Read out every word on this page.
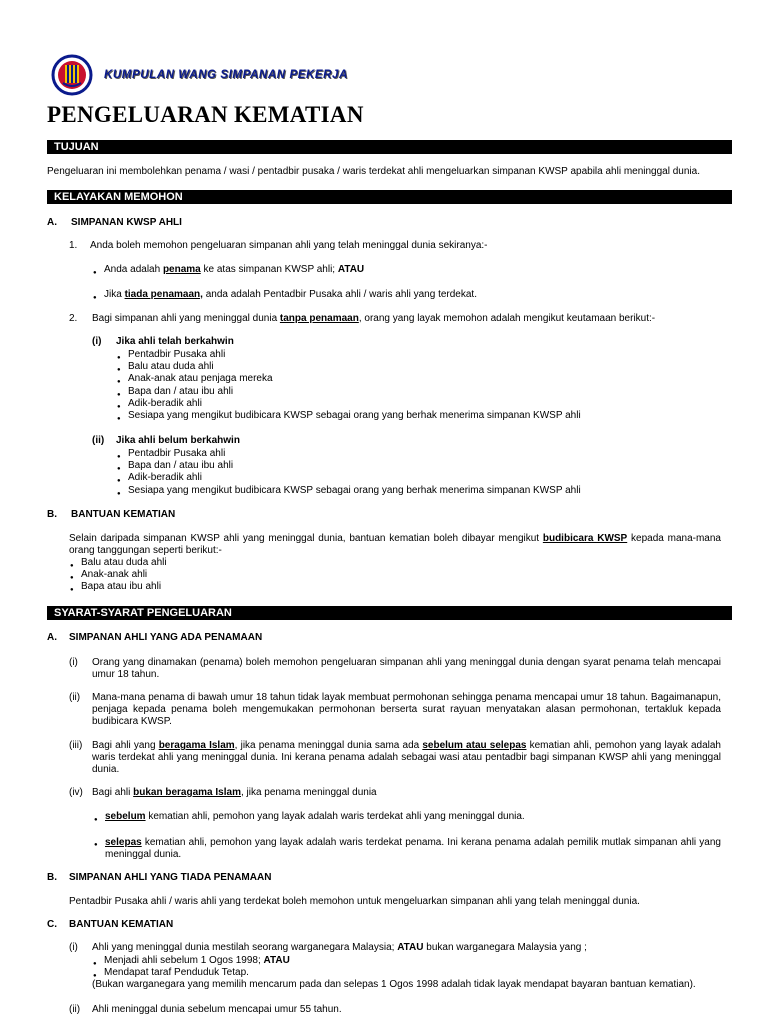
KUMPULAN WANG SIMPANAN PEKERJA
PENGELUARAN KEMATIAN
TUJUAN
Pengeluaran ini membolehkan penama / wasi / pentadbir pusaka / waris terdekat ahli mengeluarkan simpanan KWSP apabila ahli meninggal dunia.
KELAYAKAN MEMOHON
A. SIMPANAN KWSP AHLI
1. Anda boleh memohon pengeluaran simpanan ahli yang telah meninggal dunia sekiranya:-
● Anda adalah penama ke atas simpanan KWSP ahli; ATAU
● Jika tiada penamaan, anda adalah Pentadbir Pusaka ahli / waris ahli yang terdekat.
2. Bagi simpanan ahli yang meninggal dunia tanpa penamaan, orang yang layak memohon adalah mengikut keutamaan berikut:-
(i) Jika ahli telah berkahwin
● Pentadbir Pusaka ahli
● Balu atau duda ahli
● Anak-anak atau penjaga mereka
● Bapa dan / atau ibu ahli
● Adik-beradik ahli
● Sesiapa yang mengikut budibicara KWSP sebagai orang yang berhak menerima simpanan KWSP ahli
(ii) Jika ahli belum berkahwin
● Pentadbir Pusaka ahli
● Bapa dan / atau ibu ahli
● Adik-beradik ahli
● Sesiapa yang mengikut budibicara KWSP sebagai orang yang berhak menerima simpanan KWSP ahli
B. BANTUAN KEMATIAN
Selain daripada simpanan KWSP ahli yang meninggal dunia, bantuan kematian boleh dibayar mengikut budibicara KWSP kepada mana-mana orang tanggungan seperti berikut:-
● Balu atau duda ahli
● Anak-anak ahli
● Bapa atau ibu ahli
SYARAT-SYARAT PENGELUARAN
A. SIMPANAN AHLI YANG ADA PENAMAAN
(i) Orang yang dinamakan (penama) boleh memohon pengeluaran simpanan ahli yang meninggal dunia dengan syarat penama telah mencapai umur 18 tahun.
(ii) Mana-mana penama di bawah umur 18 tahun tidak layak membuat permohonan sehingga penama mencapai umur 18 tahun. Bagaimanapun, penjaga kepada penama boleh mengemukakan permohonan berserta surat rayuan menyatakan alasan permohonan, tertakluk kepada budibicara KWSP.
(iii) Bagi ahli yang beragama Islam, jika penama meninggal dunia sama ada sebelum atau selepas kematian ahli, pemohon yang layak adalah waris terdekat ahli yang meninggal dunia. Ini kerana penama adalah sebagai wasi atau pentadbir bagi simpanan KWSP ahli yang meninggal dunia.
(iv) Bagi ahli bukan beragama Islam, jika penama meninggal dunia
● sebelum kematian ahli, pemohon yang layak adalah waris terdekat ahli yang meninggal dunia.
● selepas kematian ahli, pemohon yang layak adalah waris terdekat penama. Ini kerana penama adalah pemilik mutlak simpanan ahli yang meninggal dunia.
B. SIMPANAN AHLI YANG TIADA PENAMAAN
Pentadbir Pusaka ahli / waris ahli yang terdekat boleh memohon untuk mengeluarkan simpanan ahli yang telah meninggal dunia.
C. BANTUAN KEMATIAN
(i) Ahli yang meninggal dunia mestilah seorang warganegara Malaysia; ATAU bukan warganegara Malaysia yang ;
● Menjadi ahli sebelum 1 Ogos 1998; ATAU
● Mendapat taraf Penduduk Tetap.
(Bukan warganegara yang memilih mencarum pada dan selepas 1 Ogos 1998 adalah tidak layak mendapat bayaran bantuan kematian).
(ii) Ahli meninggal dunia sebelum mencapai umur 55 tahun.
